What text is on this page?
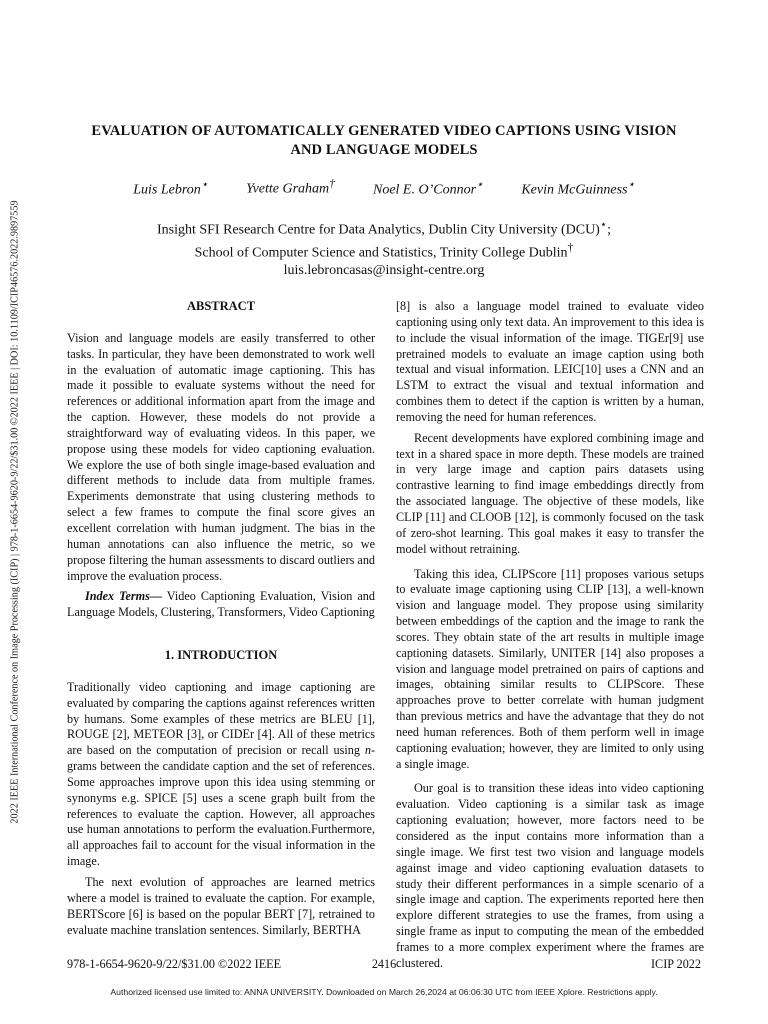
2022 IEEE International Conference on Image Processing (ICIP) | 978-1-6654-9620-9/22/$31.00 ©2022 IEEE | DOI: 10.1109/ICIP46576.2022.9897559
EVALUATION OF AUTOMATICALLY GENERATED VIDEO CAPTIONS USING VISION
AND LANGUAGE MODELS
Luis Lebron⋆	Yvette Graham†	Noel E. O’Connor⋆	Kevin McGuinness⋆
Insight SFI Research Centre for Data Analytics, Dublin City University (DCU)⋆;
School of Computer Science and Statistics, Trinity College Dublin†
luis.lebroncasas@insight-centre.org
ABSTRACT

Vision and language models are easily transferred to other tasks. In particular, they have been demonstrated to work well in the evaluation of automatic image captioning. This has made it possible to evaluate systems without the need for references or additional information apart from the image and the caption. However, these models do not provide a straightforward way of evaluating videos. In this paper, we propose using these models for video captioning evaluation. We explore the use of both single image-based evaluation and different methods to include data from multiple frames. Experiments demonstrate that using clustering methods to select a few frames to compute the final score gives an excellent correlation with human judgment. The bias in the human annotations can also influence the metric, so we propose filtering the human assessments to discard outliers and improve the evaluation process.

Index Terms— Video Captioning Evaluation, Vision and Language Models, Clustering, Transformers, Video Captioning

1. INTRODUCTION

Traditionally video captioning and image captioning are evaluated by comparing the captions against references written by humans. Some examples of these metrics are BLEU [1], ROUGE [2], METEOR [3], or CIDEr [4]. All of these metrics are based on the computation of precision or recall using n-grams between the candidate caption and the set of references. Some approaches improve upon this idea using stemming or synonyms e.g. SPICE [5] uses a scene graph built from the references to evaluate the caption. However, all approaches use human annotations to perform the evaluation.Furthermore, all approaches fail to account for the visual information in the image.

The next evolution of approaches are learned metrics where a model is trained to evaluate the caption. For example, BERTScore [6] is based on the popular BERT [7], retrained to evaluate machine translation sentences. Similarly, BERTHA

[8] is also a language model trained to evaluate video captioning using only text data. An improvement to this idea is to include the visual information of the image. TIGEr[9] use pretrained models to evaluate an image caption using both textual and visual information. LEIC[10] uses a CNN and an LSTM to extract the visual and textual information and combines them to detect if the caption is written by a human, removing the need for human references.

Recent developments have explored combining image and text in a shared space in more depth. These models are trained in very large image and caption pairs datasets using contrastive learning to find image embeddings directly from the associated language. The objective of these models, like CLIP [11] and CLOOB [12], is commonly focused on the task of zero-shot learning. This goal makes it easy to transfer the model without retraining.

Taking this idea, CLIPScore [11] proposes various setups to evaluate image captioning using CLIP [13], a well-known vision and language model. They propose using similarity between embeddings of the caption and the image to rank the scores. They obtain state of the art results in multiple image captioning datasets. Similarly, UNITER [14] also proposes a vision and language model pretrained on pairs of captions and images, obtaining similar results to CLIPScore. These approaches prove to better correlate with human judgment than previous metrics and have the advantage that they do not need human references. Both of them perform well in image captioning evaluation; however, they are limited to only using a single image.

Our goal is to transition these ideas into video captioning evaluation. Video captioning is a similar task as image captioning evaluation; however, more factors need to be considered as the input contains more information than a single image. We first test two vision and language models against image and video captioning evaluation datasets to study their different performances in a simple scenario of a single image and caption. The experiments reported here then explore different strategies to use the frames, from using a single frame as input to computing the mean of the embedded frames to a more complex experiment where the frames are clustered.

978-1-6654-9620-9/22/$31.00 ©2022 IEEE	2416	ICIP 2022
Authorized licensed use limited to: ANNA UNIVERSITY. Downloaded on March 26,2024 at 06:06:30 UTC from IEEE Xplore. Restrictions apply.
